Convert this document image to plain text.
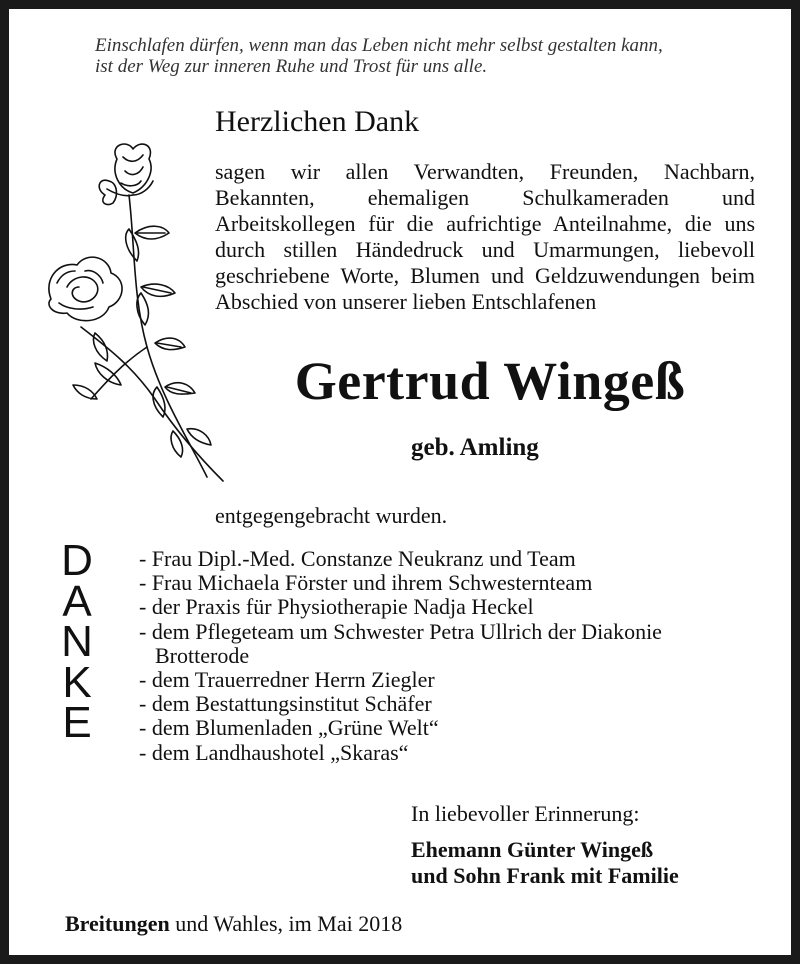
Einschlafen dürfen, wenn man das Leben nicht mehr selbst gestalten kann,
ist der Weg zur inneren Ruhe und Trost für uns alle.
Herzlichen Dank
sagen wir allen Verwandten, Freunden, Nachbarn, Bekannten, ehemaligen Schulkameraden und Arbeitskollegen für die aufrichtige Anteilnahme, die uns durch stillen Händedruck und Umarmungen, liebevoll geschriebene Worte, Blumen und Geldzuwendungen beim Abschied von unserer lieben Entschlafenen
Gertrud Wingeß
geb. Amling
entgegengebracht wurden.
D
A
N
K
E
- Frau Dipl.-Med. Constanze Neukranz und Team
- Frau Michaela Förster und ihrem Schwesternteam
- der Praxis für Physiotherapie Nadja Heckel
- dem Pflegeteam um Schwester Petra Ullrich der Diakonie Brotterode
- dem Trauerredner Herrn Ziegler
- dem Bestattungsinstitut Schäfer
- dem Blumenladen „Grüne Welt“
- dem Landhaushotel „Skaras“
In liebevoller Erinnerung:
Ehemann Günter Wingeß
und Sohn Frank mit Familie
Breitungen und Wahles, im Mai 2018
